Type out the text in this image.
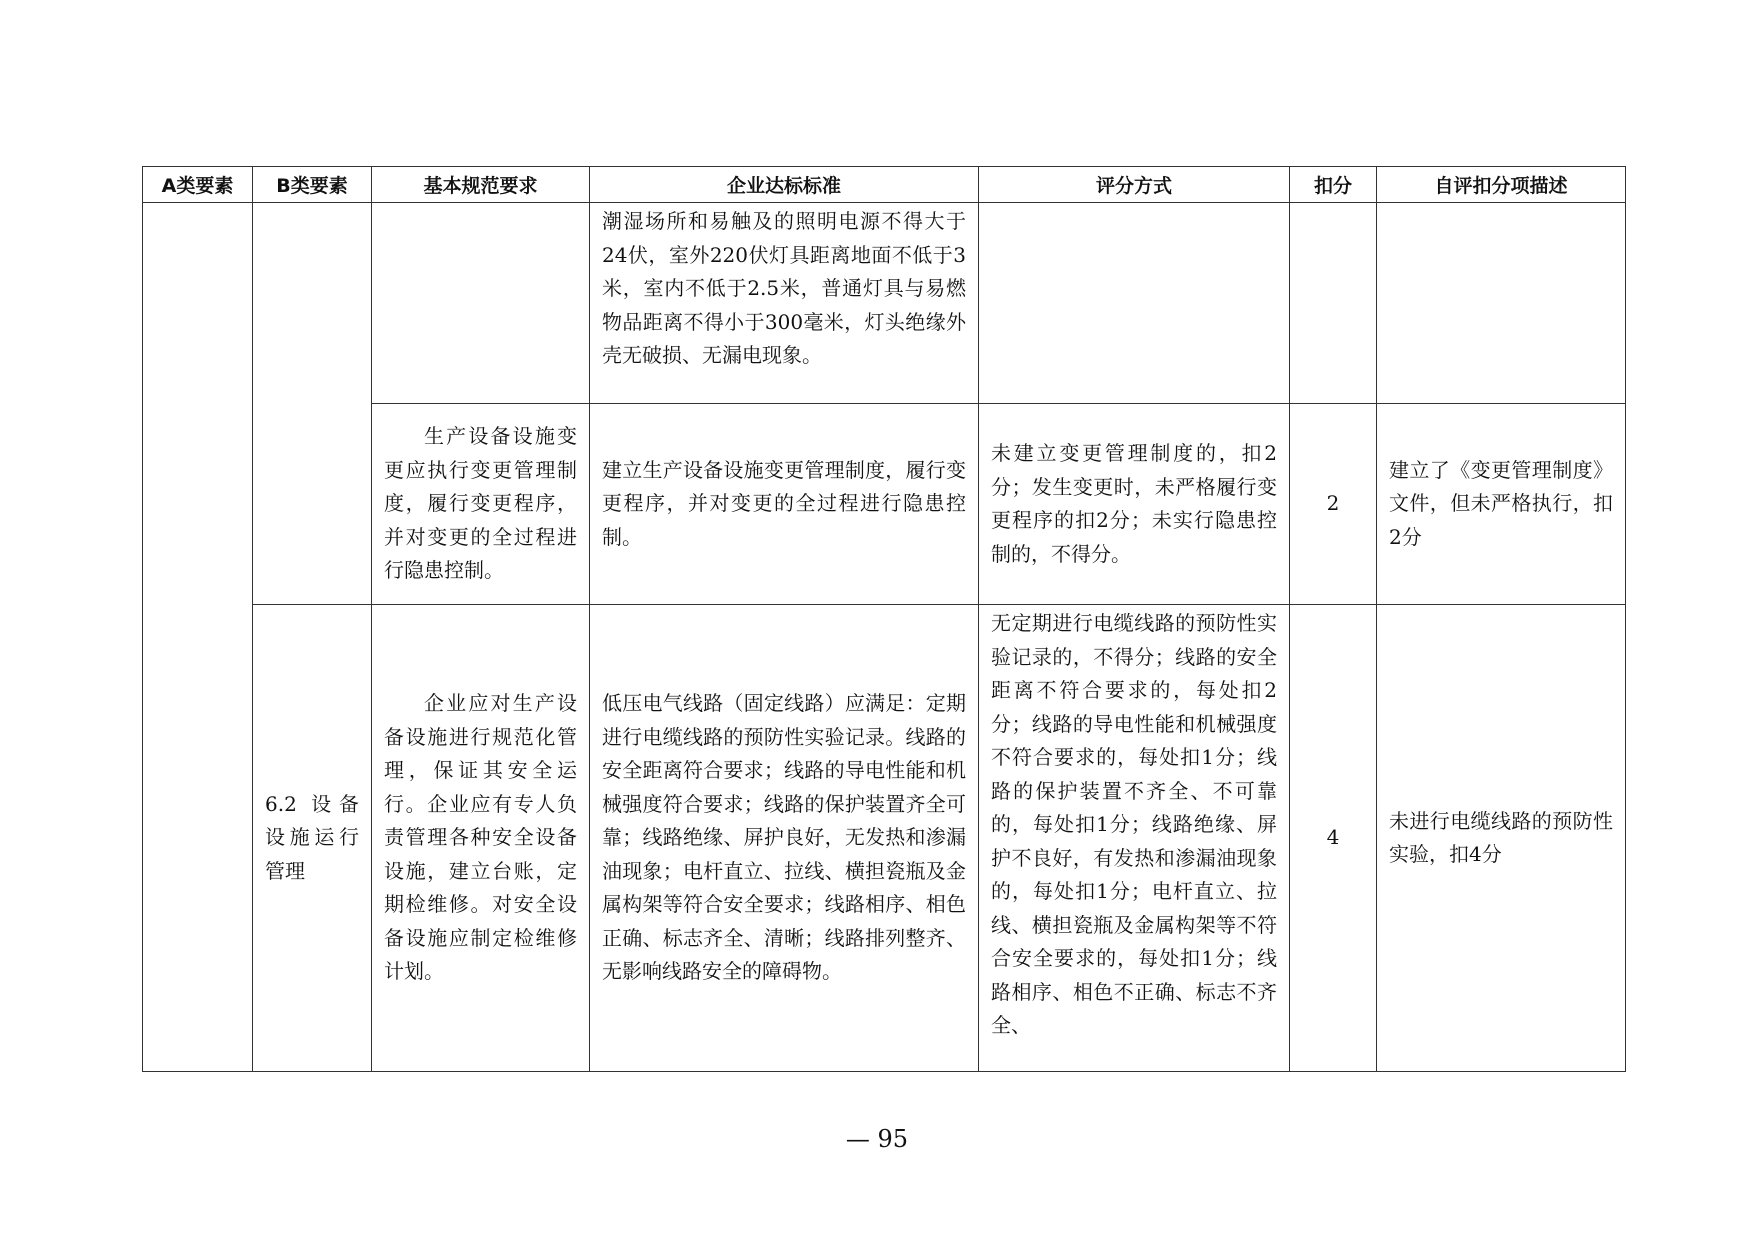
A类要素	B类要素	基本规范要求	企业达标标准	评分方式	扣分	自评扣分项描述

			潮湿场所和易触及的照明电源不得大于24伏，室外220伏灯具距离地面不低于3米，室内不低于2.5米，普通灯具与易燃物品距离不得小于300毫米，灯头绝缘外壳无破损、无漏电现象。			

		生产设备设施变更应执行变更管理制度，履行变更程序，并对变更的全过程进行隐患控制。	建立生产设备设施变更管理制度，履行变更程序，并对变更的全过程进行隐患控制。	未建立变更管理制度的，扣2分；发生变更时，未严格履行变更程序的扣2分；未实行隐患控制的，不得分。	2	建立了《变更管理制度》文件，但未严格执行，扣2分

	6.2 设备设施运行管理	企业应对生产设备设施进行规范化管理，保证其安全运行。企业应有专人负责管理各种安全设备设施，建立台账，定期检维修。对安全设备设施应制定检维修计划。	低压电气线路（固定线路）应满足：定期进行电缆线路的预防性实验记录。线路的安全距离符合要求；线路的导电性能和机械强度符合要求；线路的保护装置齐全可靠；线路绝缘、屏护良好，无发热和渗漏油现象；电杆直立、拉线、横担瓷瓶及金属构架等符合安全要求；线路相序、相色正确、标志齐全、清晰；线路排列整齐、无影响线路安全的障碍物。	无定期进行电缆线路的预防性实验记录的，不得分；线路的安全距离不符合要求的，每处扣2分；线路的导电性能和机械强度不符合要求的，每处扣1分；线路的保护装置不齐全、不可靠的，每处扣1分；线路绝缘、屏护不良好，有发热和渗漏油现象的，每处扣1分；电杆直立、拉线、横担瓷瓶及金属构架等不符合安全要求的，每处扣1分；线路相序、相色不正确、标志不齐全、	4	未进行电缆线路的预防性实验，扣4分
— 95
